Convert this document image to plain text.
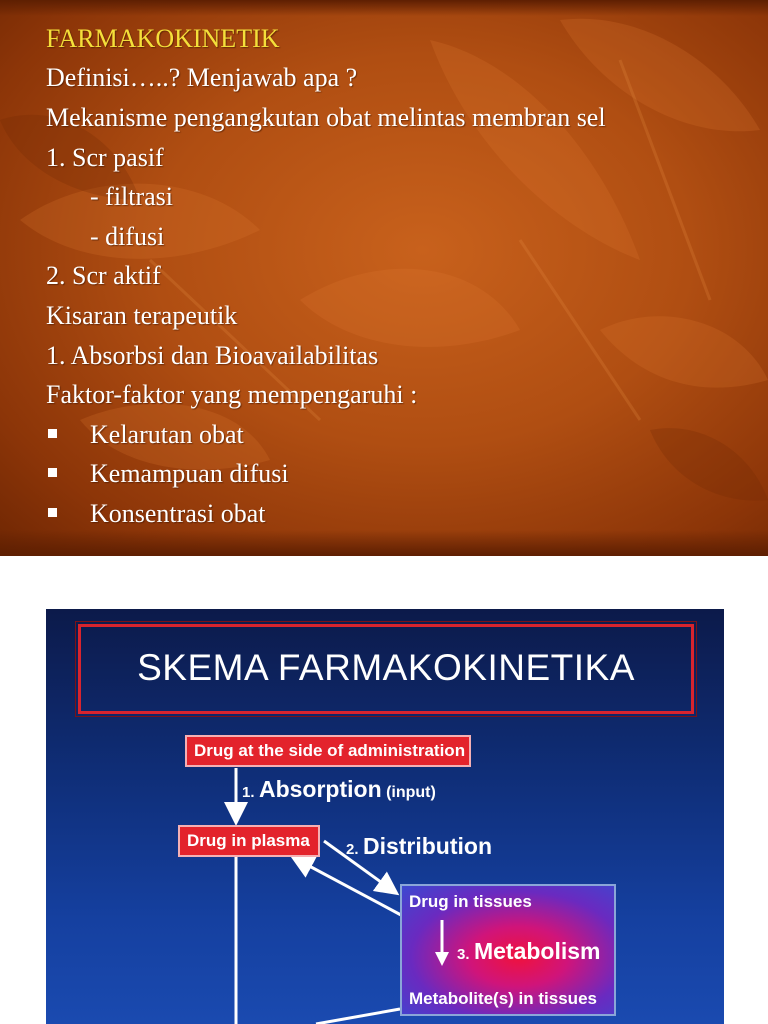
FARMAKOKINETIK
Definisi…..? Menjawab apa ?
Mekanisme pengangkutan obat melintas membran sel
1. Scr pasif
- filtrasi
- difusi
2. Scr aktif
Kisaran terapeutik
1. Absorbsi dan Bioavailabilitas
Faktor-faktor yang mempengaruhi :
Kelarutan obat
Kemampuan difusi
Konsentrasi obat
SKEMA FARMAKOKINETIKA
Drug at the side of administration
1. Absorption (input)
Drug in plasma	2. Distribution
Drug in tissues
3. Metabolism
Metabolite(s) in tissues
